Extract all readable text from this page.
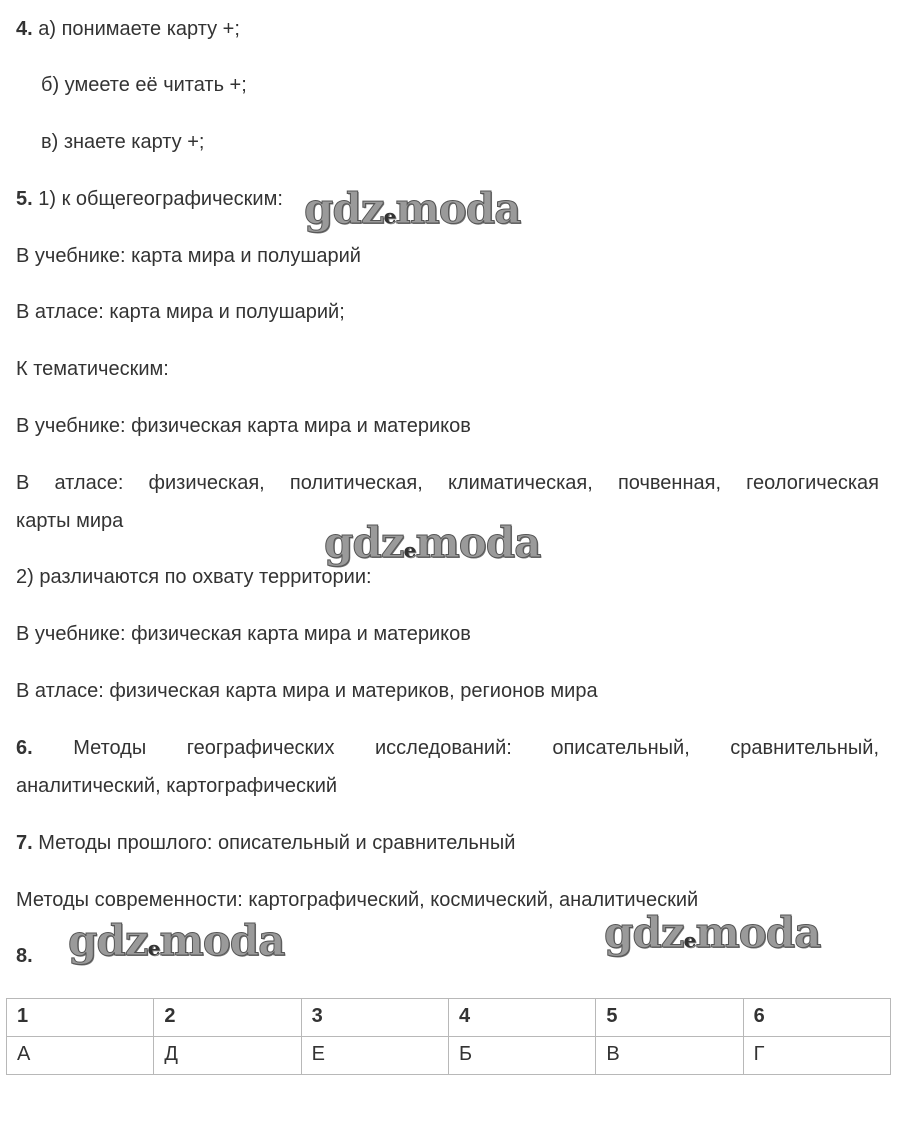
4. а) понимаете карту +;
б) умеете её читать +;
в) знаете карту +;
5. 1) к общегеографическим:
В учебнике: карта мира и полушарий
В атласе: карта мира и полушарий;
К тематическим:
В учебнике: физическая карта мира и материков
В атласе: физическая, политическая, климатическая, почвенная, геологическая
карты мира
2) различаются по охвату территории:
В учебнике: физическая карта мира и материков
В атласе: физическая карта мира и материков, регионов мира
6. Методы географических исследований: описательный, сравнительный,
аналитический, картографический
7. Методы прошлого: описательный и сравнительный
Методы современности: картографический, космический, аналитический
8.
1	2	3	4	5	6
А	Д	Е	Б	В	Г
gdzemoda
gdzemoda
gdzemoda	gdzemoda
